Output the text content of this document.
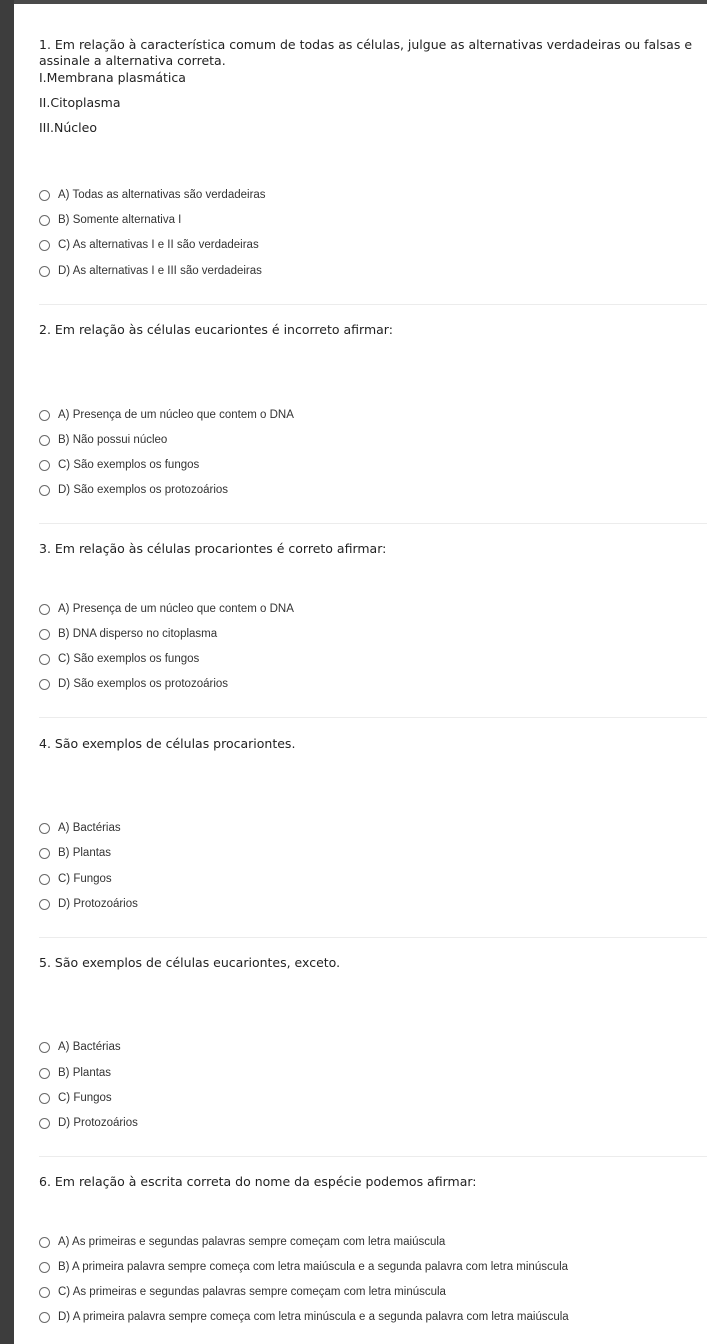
1. Em relação à característica comum de todas as células, julgue as alternativas verdadeiras ou falsas e assinale a alternativa correta.

I.Membrana plasmática

II.Citoplasma

III.Núcleo

A) Todas as alternativas são verdadeiras
B) Somente alternativa I
C) As alternativas I e II são verdadeiras
D) As alternativas I e III são verdadeiras

2. Em relação às células eucariontes é incorreto afirmar:

A) Presença de um núcleo que contem o DNA
B) Não possui núcleo
C) São exemplos os fungos
D) São exemplos os protozoários

3. Em relação às células procariontes é correto afirmar:

A) Presença de um núcleo que contem o DNA
B) DNA disperso no citoplasma
C) São exemplos os fungos
D) São exemplos os protozoários

4. São exemplos de células procariontes.

A) Bactérias
B) Plantas
C) Fungos
D) Protozoários

5. São exemplos de células eucariontes, exceto.

A) Bactérias
B) Plantas
C) Fungos
D) Protozoários

6. Em relação à escrita correta do nome da espécie podemos afirmar:

A) As primeiras e segundas palavras sempre começam com letra maiúscula
B) A primeira palavra sempre começa com letra maiúscula e a segunda palavra com letra minúscula
C) As primeiras e segundas palavras sempre começam com letra minúscula
D) A primeira palavra sempre começa com letra minúscula e a segunda palavra com letra maiúscula
